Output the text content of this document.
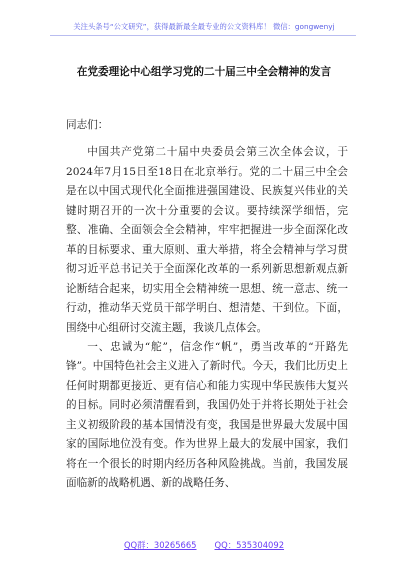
关注头条号“公文研究”，获得最新最全最专业的公文资料库！ 微信：gongwenyj
在党委理论中心组学习党的二十届三中全会精神的发言

同志们：

中国共产党第二十届中央委员会第三次全体会议，于2024年7月15日至18日在北京举行。党的二十届三中全会是在以中国式现代化全面推进强国建设、民族复兴伟业的关键时期召开的一次十分重要的会议。要持续深学细悟，完整、准确、全面领会全会精神，牢牢把握进一步全面深化改革的目标要求、重大原则、重大举措，将全会精神与学习贯彻习近平总书记关于全面深化改革的一系列新思想新观点新论断结合起来，切实用全会精神统一思想、统一意志、统一行动，推动华天党员干部学明白、想清楚、干到位。下面，围绕中心组研讨交流主题，我谈几点体会。

一、忠诚为“舵”，信念作“帆”，勇当改革的“开路先锋”。中国特色社会主义进入了新时代。今天，我们比历史上任何时期都更接近、更有信心和能力实现中华民族伟大复兴的目标。同时必须清醒看到，我国仍处于并将长期处于社会主义初级阶段的基本国情没有变，我国是世界最大发展中国家的国际地位没有变。作为世界上最大的发展中国家，我们将在一个很长的时期内经历各种风险挑战。当前，我国发展面临新的战略机遇、新的战略任务、

QQ群：30265665 QQ：535304092
